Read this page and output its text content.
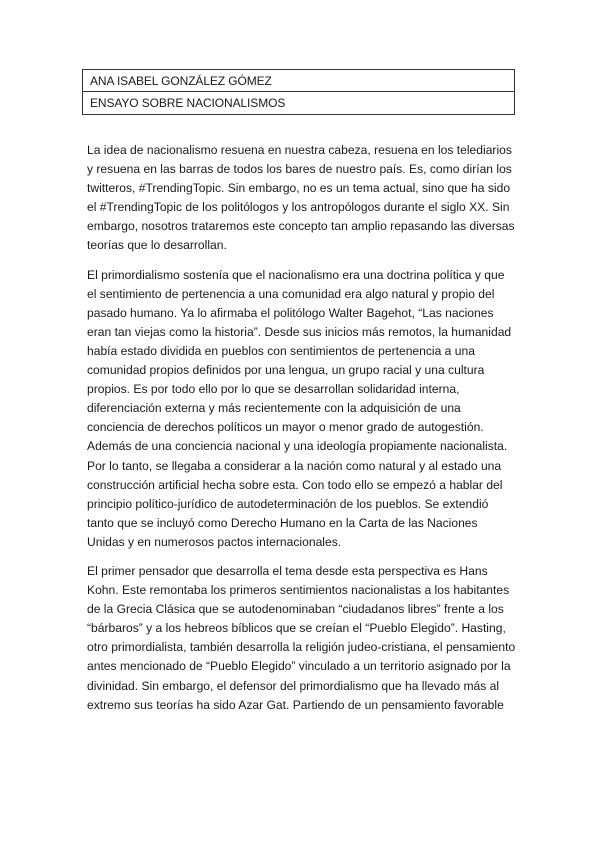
ANA ISABEL GONZÁLEZ GÓMEZ
ENSAYO SOBRE NACIONALISMOS

La idea de nacionalismo resuena en nuestra cabeza, resuena en los telediarios
y resuena en las barras de todos los bares de nuestro país. Es, como dirían los
twitteros, #TrendingTopic. Sin embargo, no es un tema actual, sino que ha sido
el #TrendingTopic de los politólogos y los antropólogos durante el siglo XX. Sin
embargo, nosotros trataremos este concepto tan amplio repasando las diversas
teorías que lo desarrollan.

El primordialismo sostenía que el nacionalismo era una doctrina política y que
el sentimiento de pertenencia a una comunidad era algo natural y propio del
pasado humano. Ya lo afirmaba el politólogo Walter Bagehot, “Las naciones
eran tan viejas como la historia”. Desde sus inicios más remotos, la humanidad
había estado dividida en pueblos con sentimientos de pertenencia a una
comunidad propios definidos por una lengua, un grupo racial y una cultura
propios. Es por todo ello por lo que se desarrollan solidaridad interna,
diferenciación externa y más recientemente con la adquisición de una
conciencia de derechos políticos un mayor o menor grado de autogestión.
Además de una conciencia nacional y una ideología propiamente nacionalista.
Por lo tanto, se llegaba a considerar a la nación como natural y al estado una
construcción artificial hecha sobre esta. Con todo ello se empezó a hablar del
principio político-jurídico de autodeterminación de los pueblos. Se extendió
tanto que se incluyó como Derecho Humano en la Carta de las Naciones
Unidas y en numerosos pactos internacionales.

El primer pensador que desarrolla el tema desde esta perspectiva es Hans
Kohn. Este remontaba los primeros sentimientos nacionalistas a los habitantes
de la Grecia Clásica que se autodenominaban “ciudadanos libres” frente a los
“bárbaros” y a los hebreos bíblicos que se creían el “Pueblo Elegido”. Hasting,
otro primordialista, también desarrolla la religión judeo-cristiana, el pensamiento
antes mencionado de “Pueblo Elegido” vinculado a un territorio asignado por la
divinidad. Sin embargo, el defensor del primordialismo que ha llevado más al
extremo sus teorías ha sido Azar Gat. Partiendo de un pensamiento favorable
